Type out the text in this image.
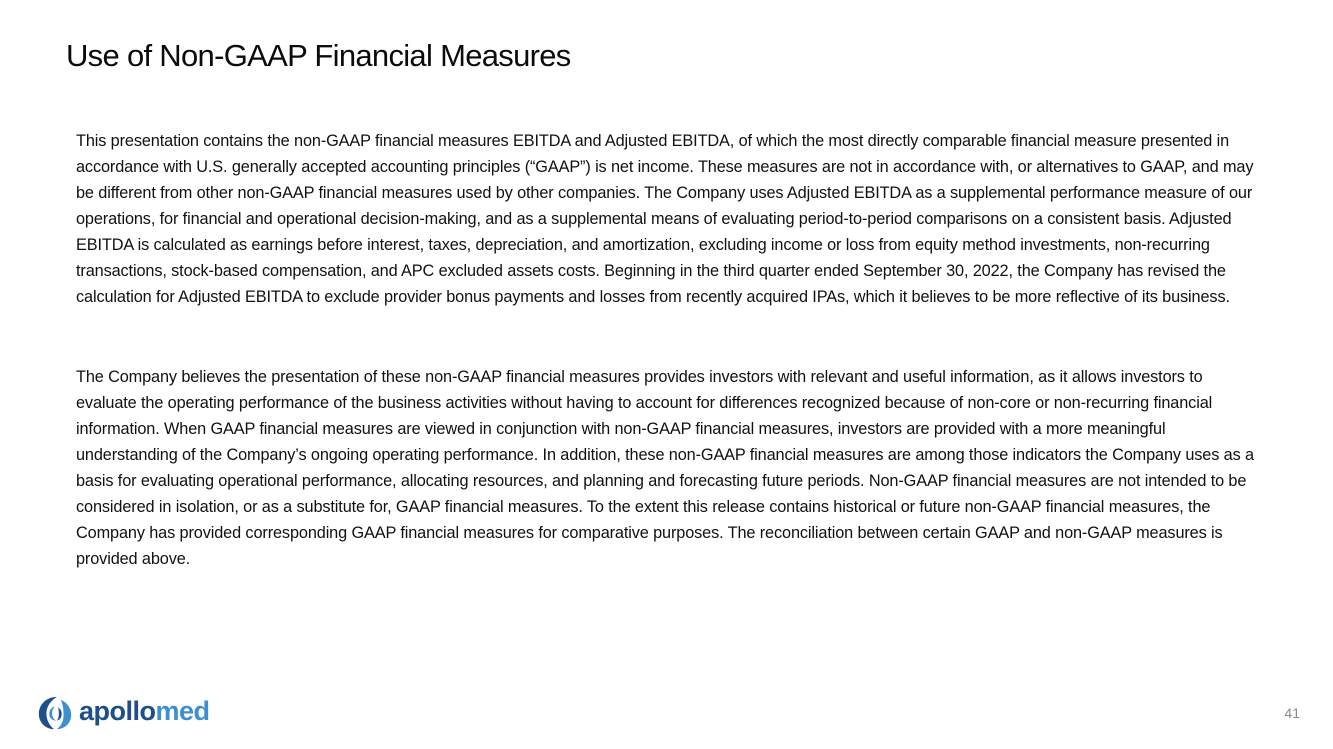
Use of Non-GAAP Financial Measures

This presentation contains the non-GAAP financial measures EBITDA and Adjusted EBITDA, of which the most directly comparable financial measure presented in accordance with U.S. generally accepted accounting principles (“GAAP”) is net income. These measures are not in accordance with, or alternatives to GAAP, and may be different from other non-GAAP financial measures used by other companies. The Company uses Adjusted EBITDA as a supplemental performance measure of our operations, for financial and operational decision-making, and as a supplemental means of evaluating period-to-period comparisons on a consistent basis. Adjusted EBITDA is calculated as earnings before interest, taxes, depreciation, and amortization, excluding income or loss from equity method investments, non-recurring transactions, stock-based compensation, and APC excluded assets costs. Beginning in the third quarter ended September 30, 2022, the Company has revised the calculation for Adjusted EBITDA to exclude provider bonus payments and losses from recently acquired IPAs, which it believes to be more reflective of its business.

The Company believes the presentation of these non-GAAP financial measures provides investors with relevant and useful information, as it allows investors to evaluate the operating performance of the business activities without having to account for differences recognized because of non-core or non-recurring financial information. When GAAP financial measures are viewed in conjunction with non-GAAP financial measures, investors are provided with a more meaningful understanding of the Company’s ongoing operating performance. In addition, these non-GAAP financial measures are among those indicators the Company uses as a basis for evaluating operational performance, allocating resources, and planning and forecasting future periods. Non-GAAP financial measures are not intended to be considered in isolation, or as a substitute for, GAAP financial measures. To the extent this release contains historical or future non-GAAP financial measures, the Company has provided corresponding GAAP financial measures for comparative purposes. The reconciliation between certain GAAP and non-GAAP measures is provided above.

apollomed	41
